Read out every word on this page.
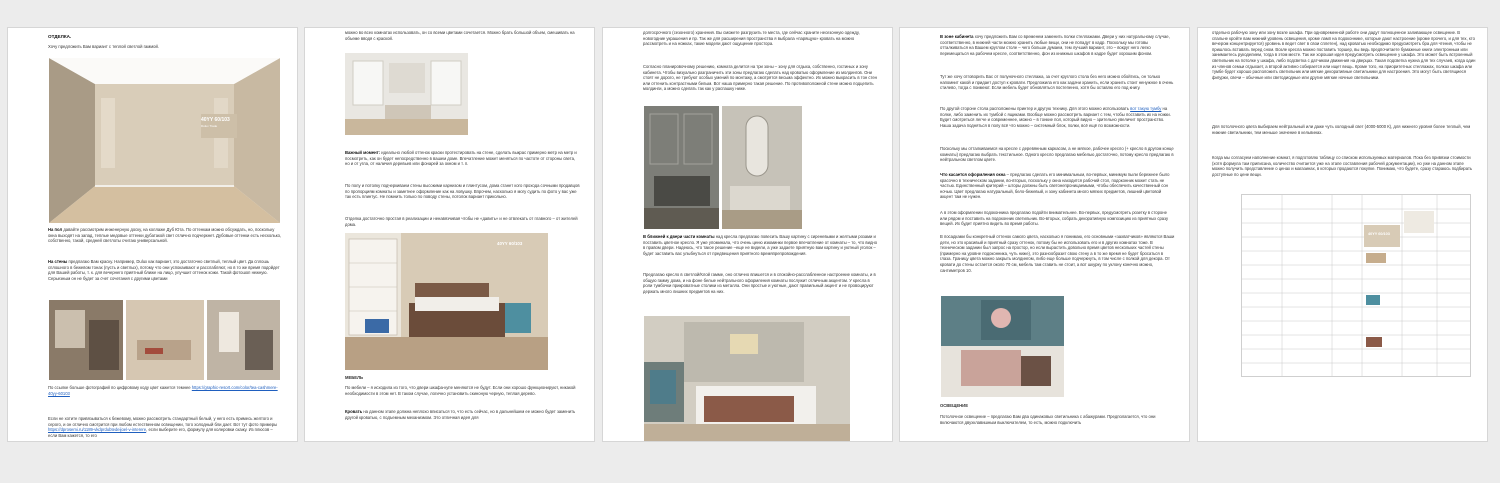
ОТДЕЛКА.
Хочу предложить Вам вариант с теплой светлой гаммой.
40YY 60/103
Dulux Trade
На пол давайте рассмотрим инженерную доску, на коллаже Дуб Юта. По оттенкам можно обсуждать, но, поскольку окна выходят на запад, теплые медовые оттенки дубатакой свет отлично подчеркнет. Дубовые оттенки есть несколько, собственно, такой, средней светлоты считаю универсальной.
На стены предлагаю Вам краску. Например, Dulux как вариант, это достаточно светлый, теплый цвет. Да сплошь сплошного в бежевом тонах (пусть и светлых), потому что они успокаивают и расслабляют, но в то же время подойдет для Вашей работы, т. к. для вечернего приятный ближе на лицо, улучшит оттенок кожи. Такой фотошоп нежную. Серьезным он не будет за счет сочетания с другими цветами
По ссылке больше фотографий по цифровому коду цвет кажется темнее https://graphic-resort.com/color/tea-cashmere-40yy-60103
Если не хотите привязываться к бежевому, можно рассмотреть стандартный белый, у него есть примесь желтого и серого, и он отлично смотрится при любом естественном освещении, того холодный бли дает. Вот тут фото примеры https://dprosemi.ru/1189-vkdprdubtedeijoel-v-interere, если выберите его, формулу для колеровки скажу. Из плюсов – если Вам кажется, то его
можно во всех комнатах использовать, он со всеми цветами сочетается. Можно брать большой объем, смешивать на объеме вводя с краской.
Важный момент: идеально любой оттенок краски протестировать на стене, сделать выкрас примерно метр на метр и посмотреть, как он будет непосредственно в вашем доме. Впечатление может меняться по частоте от стороны света, но и от угла, от наличия деревьев или фонарей за окном и т. п.
По полу и потолку подчеркиваем стены высокими карнизом и плинтусом, дома станет кого прохода сочными продавцов по пропорциям комнаты и заметнее оформление как на ловушку. Впрочем, насколько я могу судить по фото у вас уже так есть плинтус. Не помнить только по поводу стены, потолок вариант прикольно.
Отделка достаточно простая в реализации и ненавязчивая чтобы не «давить» и не отвлекать от главного – от жителей дома.
40YY 60/103
МЕБЕЛЬ
По мебели – я исходила из того, что двери шкафа-купе меняются не будут. Если они хорошо функционируют, никакой необходимости в этом нет. В таком случае, логично установить скиноную черную, теплая дерево.
Кровать на данном этапе должна неплохо вписаться то, что есть сейчас, но в дальнейшем ее можно будет заменить другой кроватью, с подъемным механизмом. Это отличная идея для
долгосрочного (сезонного) хранения. Вы сможете разгрузить те места, где сейчас храните несезонную одежду, новогодние украшения и пр. Так же для расширения пространства я выбрала «парящую» кровать на можно рассмотреть и на ножках, такие модели дают ощущение простора.
Согласно планировочному решению, комната делится на три зоны – зону для отдыха, собственно, гостиных и зону кабинета. Чтобы визуально разграничить эти зоны предлагаю сделать над кроватью оформление из молдингов. Они стоят не дорого, не требуют особых умений по монтажу, а смотрятся весьма эффектно. Их можно выкрасить в тон стен или оттенить контрастными белым. Вот наша примерно такая решение. По противоположной стене можно подцепить молдинги, а можно сделать так как у распашку ниже.
В ближней к двери части комнаты над кресла предлагаю повесить Вашу картину с сиреневыми и желтыми розами и поставить цветное кресло. Я уже упоминала, что очень ценю изюминки первое впечатление от комнаты – то, что видно в правом двери. Надеюсь, что такое решение –еще не видели, а уже задаете приятную вам картину и уютный уголок – будет заставить вас улыбнуться от предвещения приятного времяпрепровождения.
Предлагаю кресло в светлой/Клой гамме, оно отлично впишется и в спокойно-расслабленное настроение комнаты, и в общую гамму дома, и на фоне белые нейтрального оформления комнаты послужит отличным акцентом. У кресла в роли тумбочки прикроватные столики из металла. Они простые и уютные, дают правильный акцент и не провоцируют держать много лишних предметов на них.
В зоне кабинета хочу предложить Вам со временем заменить полки стеллажами. Двери у них натуральному случае, соответственно, в нижней части можно хранить любые вещи, они не попадут в кадр. Поскольку мы готовы отталкиваться на Вашем круглом столе – чего больше думаем, тем лучший вариант, это – вокруг него легко перемещаться на рабочем кресле, соответственно, фон из книжных шкафов в кадре будет хорошим фоном.
Тут же хочу отговорить Вас от полуночного стеллажа, за счет круглого стола без него можно обойтись, он только напомнит какой и придает доступ к кровати. Предложила его как задачи хранить, если хранить стоит ненужное в очень стилево, тогда с поимеют. Если мебель будет обновляться постепенно, хотя бы оставлю его под книгу.
По другой стороне стола расположены принтер и другую технику. Для этого можно использовать вот такую тумбу на полке, либо заменить их тумбой с ящиками. Вообще можно рассмотреть вариант с тем, чтобы поставить их на ножки. Будет смотреться легче и современнее, можно – в тонкие пол, который видно – зрительно увеличит пространство. Наша задача подняться в полу всё что можно – системный блок, полки, всё ещё по возможности.
Поскольку мы отталкиваемся на кресле с деревянным каркасом, а не мягкое, рабочее кресло (+ кресло в другом конце комнаты) предлагаю выбрать текстильное. Одного кресло предлагаю мебелью достаточно, потому кресло предлагаю в нейтральном светлом цвете.
Что касается оформления окна – предлагаю сделать его минимальным, во-первых, минимум пыли бережнее было красочно в техническом задании, во-вторых, поскольку у окна находится рабочий стол, подоконник может стать не частью. Единственный критерий – шторы должны быть светонепроницаемыми, чтобы обеспечить качественный сон ночью. Цвет предлагаю натуральный, бело-бежевый, и зону кабинета много мягких предметов, лишний цветовой акцент там не нужен.
А в этом оформлении подоконника предлагаю подойти внимательнее. Во-первых, предусмотреть розетку в стороне или рядом и поставить на подоконник светильник. Во-вторых, собрать декоративную композицию из приятных сразу вещей. Их будет приятно видеть во время работы.
В посадками бы конкретный оттенок самого цвета, насколько я понимаю, его основными «захватчиков» являются Ваши дети, но это красивый и приятный сразу оттенок, потому бы не использовать его и в других комнатах тоже. В техническом задании был запрос на простор, но если вырастить довольно время цветов нескольких частей стены (примерно на уровне подоконника, чуть ниже), это разнообразит свою стену а в то же время не будет бросаться в глаза. Границу цвета можно закрыть молдингом, либо еще больше подчеркнуть, в том числе с полкой для декора. От кровати до стены остается около 70 см, мебель там ставить не стоит, а вот шкурку по уклону конечно можно, сантиметров 10.
ОСВЕЩЕНИЕ
Потолочное освещение – предлагаю Вам два одинаковых светильника с абажурами. Предполагается, что они включаются двухклавишным выключателем, то есть, можно подключить
отдельно рабочую зону или зону возле шкафа. При одновременной работе они дадут полноценное заливающее освещение. В спальне кройте вам нижний уровень освещения, кроме ламп на подоконнике, которые дают настроение (кроме прочего, и для тех, кто вечером концентрируется) уровень в ведет свет в свои сплетен), над кроватью необходимо предусмотреть бра для чтения, чтобы не пришлось вставать перед сном. Возле кресла можно поставить торшер, вы ведь предпочитаете бумажные книги электронным или занимаетесь рукоделием, тогда в этом месте. Так же хорошая идея предусмотреть освещение у шкафа. Это может быть встроенный светильник на потолке у шкафа, либо подсветка с датчиком движения на дверцах. Такая подсветка нужна для тех случаев, когда один из членов семьи отдыхает, а второй активно собирается или ищет вещь. Кроме того, на приоритетных стеллажах, полках шкафа или тумбе будет хорошо расположить светильник или мягкие декоративные светильники для настроения. Это могут быть светящиеся фигурки, свечи – обычные или светодиодные или другие мягкие ночные светильники.
Для потолочного цвета выбираем нейтральный или даже чуть холодный свет (4000-5000 К), для нижнего уровня более теплый, чем нижние светильники, тем меньше значение в кельвинах.
Когда мы согласуем наполнение комнат, я подготовлю таблицу со списком используемых материалов. Пока без привязки стоимости (хотя формула там приписана, количество считается уже на этапе составления рабочей документации), но уже на данном этапе можно получить представление о ценах и магазинах, в которых продаются покупке. Понимаю, что будете, сразу стараюсь подбирать доступные по цене вещи.
40YY 60/103
